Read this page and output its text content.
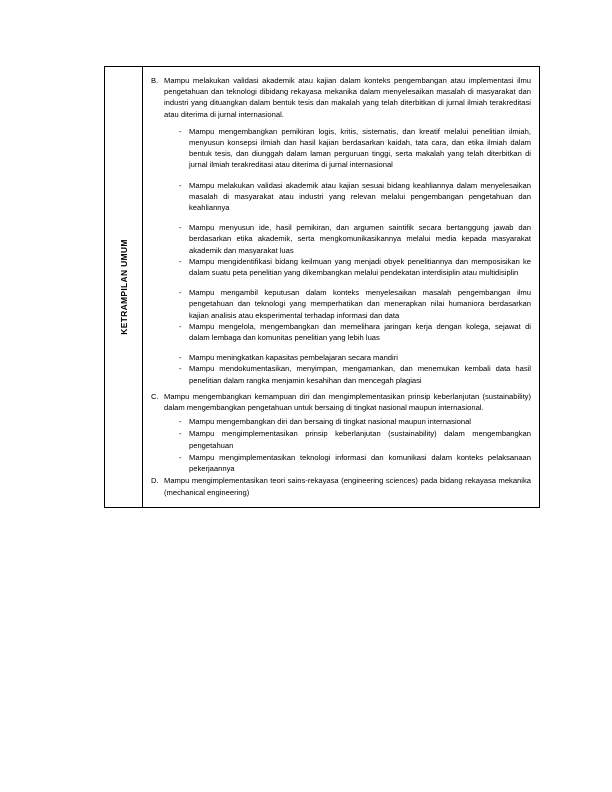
KETRAMPILAN UMUM
B. Mampu melakukan validasi akademik atau kajian dalam konteks pengembangan atau implementasi ilmu pengetahuan dan teknologi dibidang rekayasa mekanika dalam menyelesaikan masalah di masyarakat dan industri yang dituangkan dalam bentuk tesis dan makalah yang telah diterbitkan di jurnal ilmiah terakreditasi atau diterima di jurnal internasional.
- Mampu mengembangkan pemikiran logis, kritis, sistematis, dan kreatif melalui penelitian ilmiah, menyusun konsepsi ilmiah dan hasil kajian berdasarkan kaidah, tata cara, dan etika ilmiah dalam bentuk tesis, dan diunggah dalam laman perguruan tinggi, serta makalah yang telah diterbitkan di jurnal ilmiah terakreditasi atau diterima di jurnal internasional
- Mampu melakukan validasi akademik atau kajian sesuai bidang keahliannya dalam menyelesaikan masalah di masyarakat atau industri yang relevan melalui pengembangan pengetahuan dan keahliannya
- Mampu menyusun ide, hasil pemikiran, dan argumen saintifik secara bertanggung jawab dan berdasarkan etika akademik, serta mengkomunikasikannya melalui media kepada masyarakat akademik dan masyarakat luas
- Mampu mengidentifikasi bidang keilmuan yang menjadi obyek penelitiannya dan memposisikan ke dalam suatu peta penelitian yang dikembangkan melalui pendekatan interdisiplin atau multidisiplin
- Mampu mengambil keputusan dalam konteks menyelesaikan masalah pengembangan ilmu pengetahuan dan teknologi yang memperhatikan dan menerapkan nilai humaniora berdasarkan kajian analisis atau eksperimental terhadap informasi dan data
- Mampu mengelola, mengembangkan dan memelihara jaringan kerja dengan kolega, sejawat di dalam lembaga dan komunitas penelitian yang lebih luas
- Mampu meningkatkan kapasitas pembelajaran secara mandiri
- Mampu mendokumentasikan, menyimpan, mengamankan, dan menemukan kembali data hasil penelitian dalam rangka menjamin kesahihan dan mencegah plagiasi
C. Mampu mengembangkan kemampuan diri dan mengimplementasikan prinsip keberlanjutan (sustainability) dalam mengembangkan pengetahuan untuk bersaing di tingkat nasional maupun internasional.
- Mampu mengembangkan diri dan bersaing di tingkat nasional maupun internasional
- Mampu mengimplementasikan prinsip keberlanjutan (sustainability) dalam mengembangkan pengetahuan
- Mampu mengimplementasikan teknologi informasi dan komunikasi dalam konteks pelaksanaan pekerjaannya
D. Mampu mengimplementasikan teori sains-rekayasa (engineering sciences) pada bidang rekayasa mekanika (mechanical engineering)
